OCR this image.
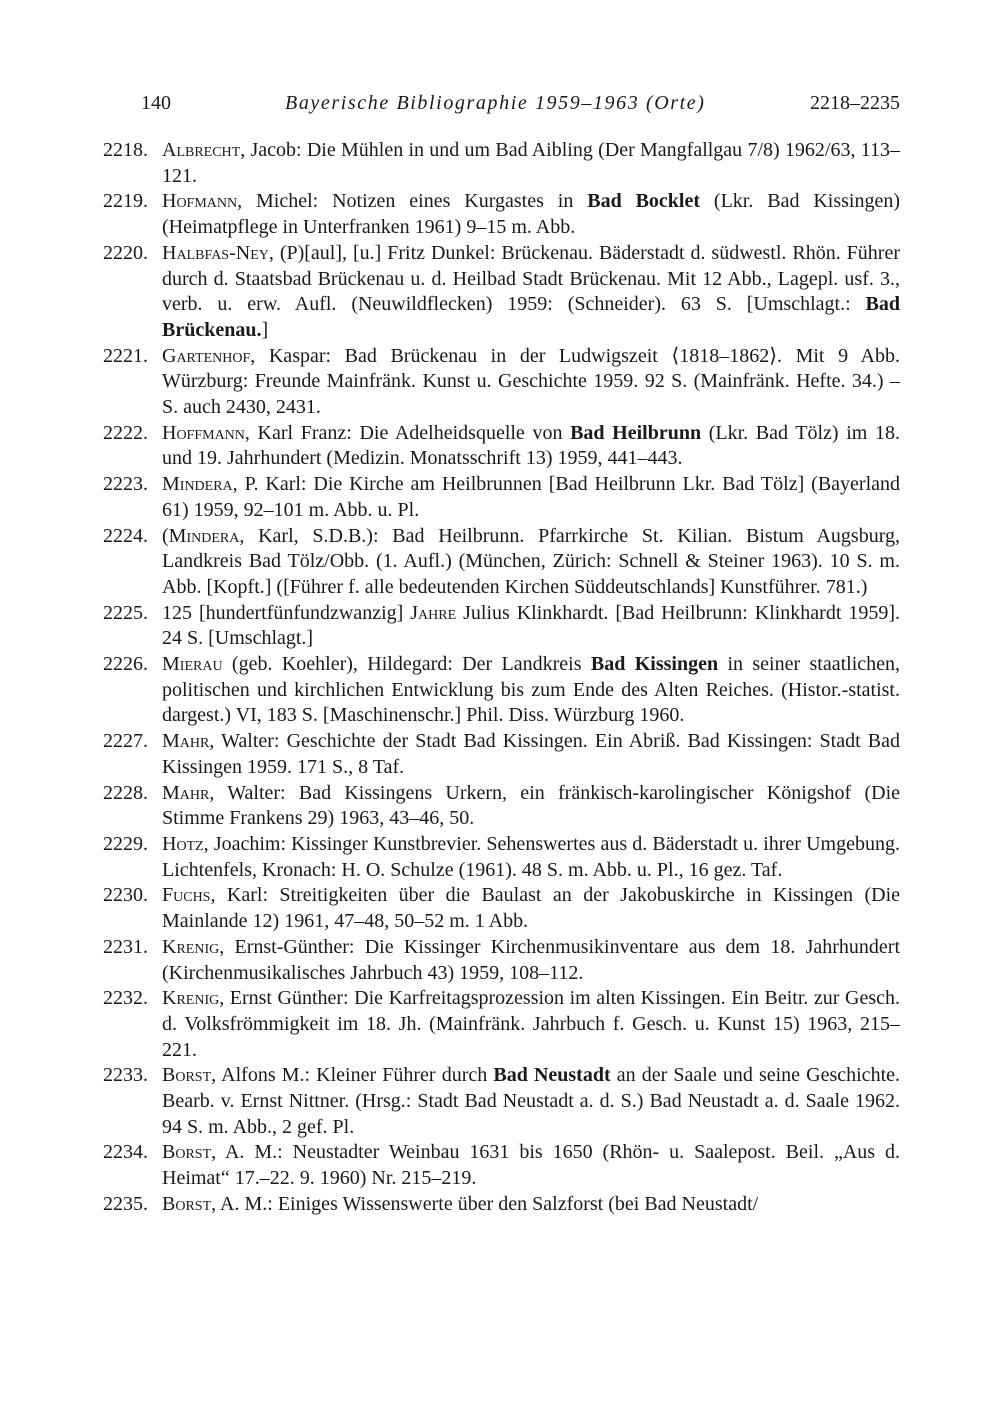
140	Bayerische Bibliographie 1959–1963 (Orte)	2218–2235
2218. Albrecht, Jacob: Die Mühlen in und um Bad Aibling (Der Mangfallgau 7/8) 1962/63, 113–121.
2219. Hofmann, Michel: Notizen eines Kurgastes in Bad Bocklet (Lkr. Bad Kissingen) (Heimatpflege in Unterfranken 1961) 9–15 m. Abb.
2220. Halbfas-Ney, (P)[aul], [u.] Fritz Dunkel: Brückenau. Bäderstadt d. südwestl. Rhön. Führer durch d. Staatsbad Brückenau u. d. Heilbad Stadt Brückenau. Mit 12 Abb., Lagepl. usf. 3., verb. u. erw. Aufl. (Neuwildflecken) 1959: (Schneider). 63 S. [Umschlagt.: Bad Brückenau.]
2221. Gartenhof, Kaspar: Bad Brückenau in der Ludwigszeit ⟨1818–1862⟩. Mit 9 Abb. Würzburg: Freunde Mainfränk. Kunst u. Geschichte 1959. 92 S. (Mainfränk. Hefte. 34.) – S. auch 2430, 2431.
2222. Hoffmann, Karl Franz: Die Adelheidsquelle von Bad Heilbrunn (Lkr. Bad Tölz) im 18. und 19. Jahrhundert (Medizin. Monatsschrift 13) 1959, 441–443.
2223. Mindera, P. Karl: Die Kirche am Heilbrunnen [Bad Heilbrunn Lkr. Bad Tölz] (Bayerland 61) 1959, 92–101 m. Abb. u. Pl.
2224. (Mindera, Karl, S.D.B.): Bad Heilbrunn. Pfarrkirche St. Kilian. Bistum Augsburg, Landkreis Bad Tölz/Obb. (1. Aufl.) (München, Zürich: Schnell & Steiner 1963). 10 S. m. Abb. [Kopft.] ([Führer f. alle bedeutenden Kirchen Süddeutschlands] Kunstführer. 781.)
2225. 125 [hundertfünfundzwanzig] Jahre Julius Klinkhardt. [Bad Heilbrunn: Klinkhardt 1959]. 24 S. [Umschlagt.]
2226. Mierau (geb. Koehler), Hildegard: Der Landkreis Bad Kissingen in seiner staatlichen, politischen und kirchlichen Entwicklung bis zum Ende des Alten Reiches. (Histor.-statist. dargest.) VI, 183 S. [Maschinenschr.] Phil. Diss. Würzburg 1960.
2227. Mahr, Walter: Geschichte der Stadt Bad Kissingen. Ein Abriß. Bad Kissingen: Stadt Bad Kissingen 1959. 171 S., 8 Taf.
2228. Mahr, Walter: Bad Kissingens Urkern, ein fränkisch-karolingischer Königshof (Die Stimme Frankens 29) 1963, 43–46, 50.
2229. Hotz, Joachim: Kissinger Kunstbrevier. Sehenswertes aus d. Bäderstadt u. ihrer Umgebung. Lichtenfels, Kronach: H. O. Schulze (1961). 48 S. m. Abb. u. Pl., 16 gez. Taf.
2230. Fuchs, Karl: Streitigkeiten über die Baulast an der Jakobuskirche in Kissingen (Die Mainlande 12) 1961, 47–48, 50–52 m. 1 Abb.
2231. Krenig, Ernst-Günther: Die Kissinger Kirchenmusikinventare aus dem 18. Jahrhundert (Kirchenmusikalisches Jahrbuch 43) 1959, 108–112.
2232. Krenig, Ernst Günther: Die Karfreitagsprozession im alten Kissingen. Ein Beitr. zur Gesch. d. Volksfrömmigkeit im 18. Jh. (Mainfränk. Jahrbuch f. Gesch. u. Kunst 15) 1963, 215–221.
2233. Borst, Alfons M.: Kleiner Führer durch Bad Neustadt an der Saale und seine Geschichte. Bearb. v. Ernst Nittner. (Hrsg.: Stadt Bad Neustadt a. d. S.) Bad Neustadt a. d. Saale 1962. 94 S. m. Abb., 2 gef. Pl.
2234. Borst, A. M.: Neustadter Weinbau 1631 bis 1650 (Rhön- u. Saalepost. Beil. „Aus d. Heimat“ 17.–22. 9. 1960) Nr. 215–219.
2235. Borst, A. M.: Einiges Wissenswerte über den Salzforst (bei Bad Neustadt/
